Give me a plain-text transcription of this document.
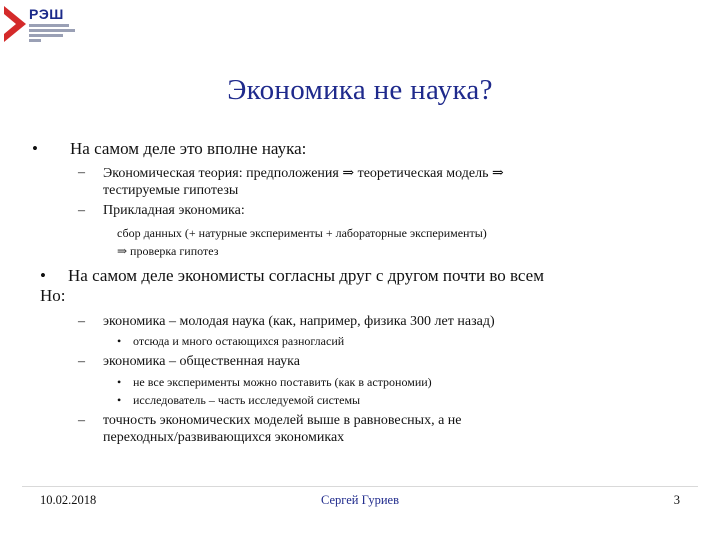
РЭШ
Экономика не наука?
• На самом деле это вполне наука:
– Экономическая теория: предположения ⇒ теоретическая модель ⇒
тестируемые гипотезы
– Прикладная экономика:
сбор данных (+ натурные эксперименты + лабораторные эксперименты)
⇒ проверка гипотез
• На самом деле экономисты согласны друг с другом почти во всем
Но:
– экономика – молодая наука (как, например, физика 300 лет назад)
• отсюда и много остающихся разногласий
– экономика – общественная наука
• не все эксперименты можно поставить (как в астрономии)
• исследователь – часть исследуемой системы
– точность экономических моделей выше в равновесных, а не
переходных/развивающихся экономиках
10.02.2018	Сергей Гуриев	3
